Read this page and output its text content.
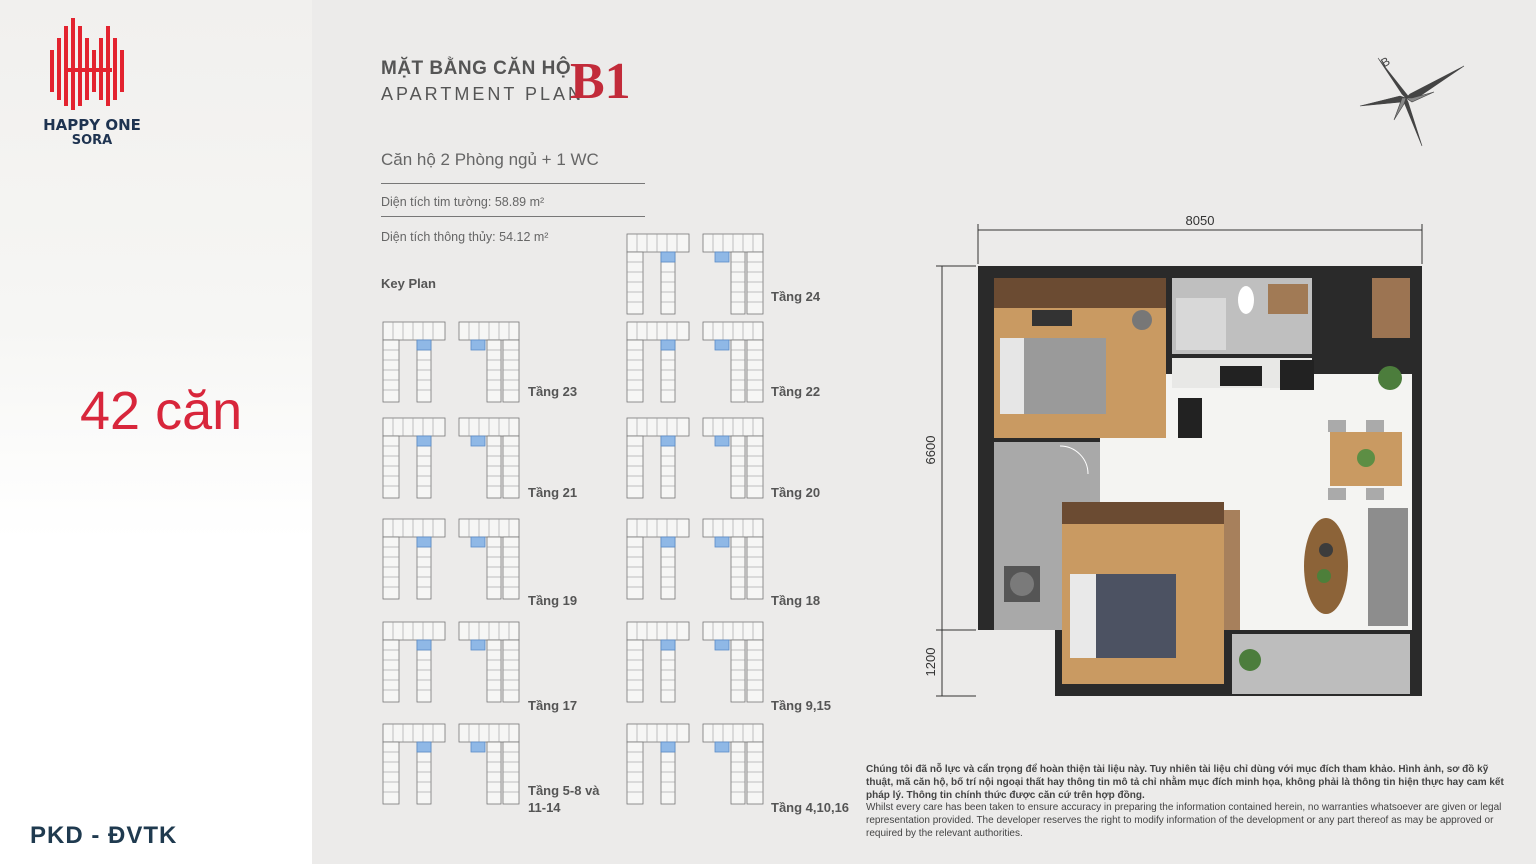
HAPPY ONE
SORA
42 căn
PKD - ĐVTK
MẶT BẰNG CĂN HỘ
APARTMENT PLAN
B1
Căn hộ 2 Phòng ngủ + 1 WC
Diện tích tim tường: 58.89 m²
Diện tích thông thủy: 54.12 m²
Key Plan
Tầng 24
Tầng 23	Tầng 22
Tầng 21	Tầng 20
Tầng 19	Tầng 18
Tầng 17	Tầng 9,15
Tầng 5-8 và
11-14	Tầng 4,10,16
B
8050
6600
1200

Chúng tôi đã nỗ lực và cẩn trọng để hoàn thiện tài liệu này. Tuy nhiên tài liệu chỉ dùng với mục đích tham khảo. Hình ảnh, sơ đồ kỹ thuật, mã căn hộ, bố trí nội ngoại thất hay thông tin mô tả chỉ nhằm mục đích minh họa, không phải là thông tin hiện thực hay cam kết pháp lý. Thông tin chính thức được căn cứ trên hợp đồng.

Whilst every care has been taken to ensure accuracy in preparing the information contained herein, no warranties whatsoever are given or legal representation provided. The developer reserves the right to modify information of the development or any part thereof as may be approved or required by the relevant authorities.
